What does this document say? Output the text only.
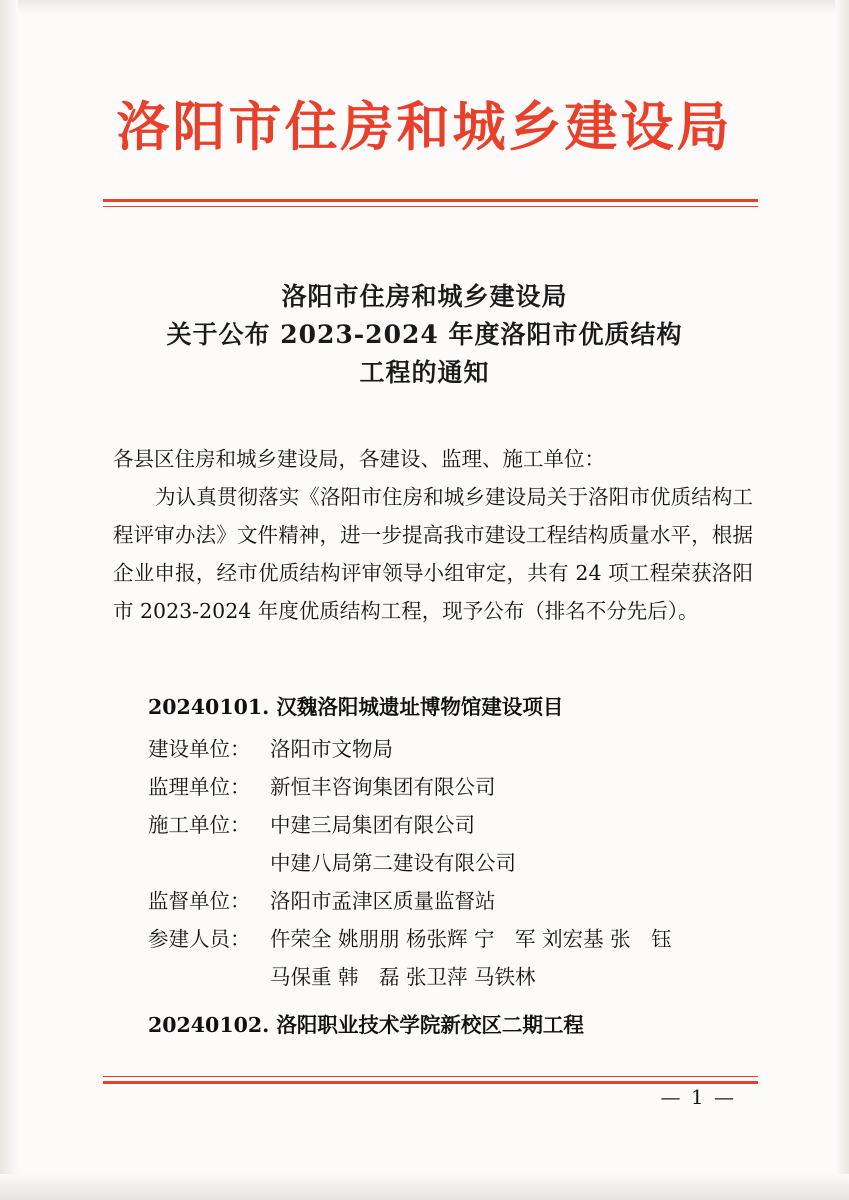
洛阳市住房和城乡建设局
洛阳市住房和城乡建设局
关于公布 2023-2024 年度洛阳市优质结构
工程的通知

各县区住房和城乡建设局，各建设、监理、施工单位：

为认真贯彻落实《洛阳市住房和城乡建设局关于洛阳市优质结构工程评审办法》文件精神，进一步提高我市建设工程结构质量水平，根据企业申报，经市优质结构评审领导小组审定，共有 24 项工程荣获洛阳市 2023-2024 年度优质结构工程，现予公布（排名不分先后）。

20240101. 汉魏洛阳城遗址博物馆建设项目
建设单位： 洛阳市文物局
监理单位： 新恒丰咨询集团有限公司
施工单位： 中建三局集团有限公司
中建八局第二建设有限公司
监督单位： 洛阳市孟津区质量监督站
参建人员： 仵荣全 姚朋朋 杨张辉 宁　军 刘宏基 张　钰
马保重 韩　磊 张卫萍 马铁林
20240102. 洛阳职业技术学院新校区二期工程
— 1 —
